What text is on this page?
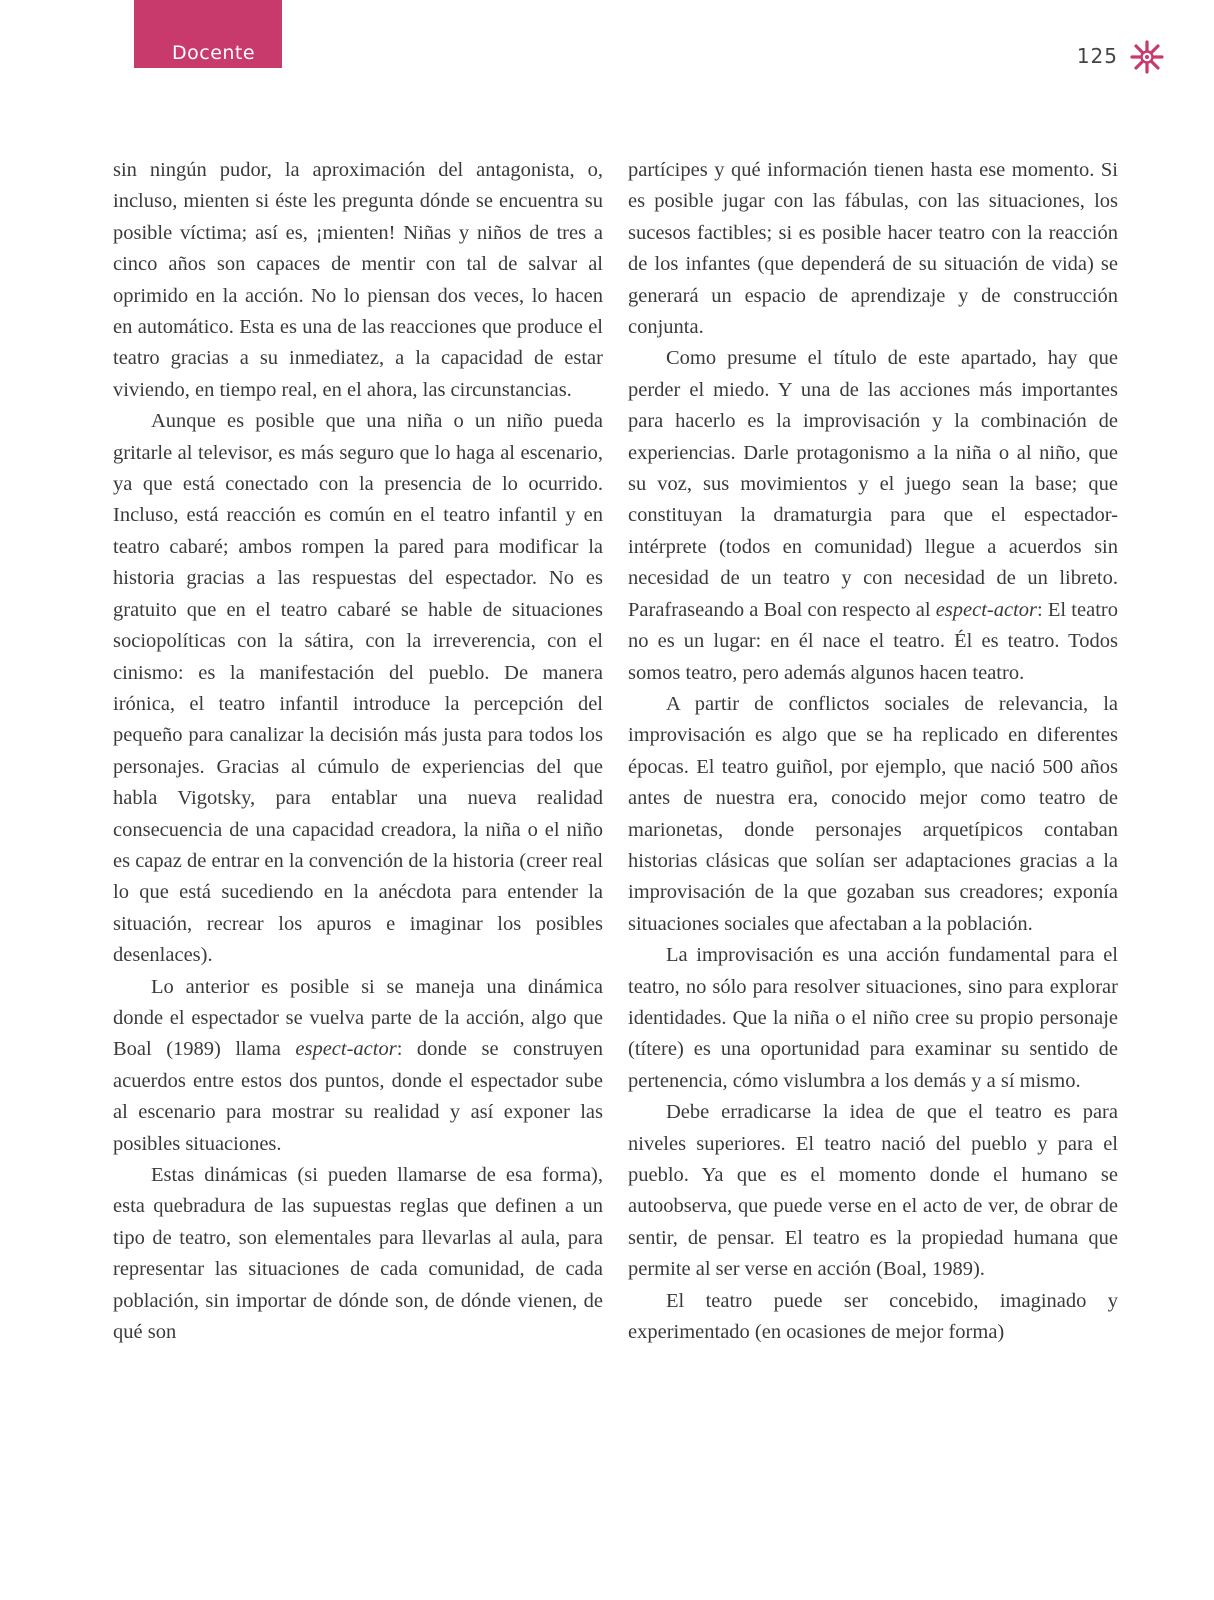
Docente	125

sin ningún pudor, la aproximación del antagonista, o, incluso, mienten si éste les pregunta dónde se encuentra su posible víctima; así es, ¡mienten! Niñas y niños de tres a cinco años son capaces de mentir con tal de salvar al oprimido en la acción. No lo piensan dos veces, lo hacen en automático. Esta es una de las reacciones que produce el teatro gracias a su inmediatez, a la capacidad de estar viviendo, en tiempo real, en el ahora, las circunstancias.

Aunque es posible que una niña o un niño pueda gritarle al televisor, es más seguro que lo haga al escenario, ya que está conectado con la presencia de lo ocurrido. Incluso, está reacción es común en el teatro infantil y en teatro cabaré; ambos rompen la pared para modificar la historia gracias a las respuestas del espectador. No es gratuito que en el teatro cabaré se hable de situaciones sociopolíticas con la sátira, con la irreverencia, con el cinismo: es la manifestación del pueblo. De manera irónica, el teatro infantil introduce la percepción del pequeño para canalizar la decisión más justa para todos los personajes. Gracias al cúmulo de experiencias del que habla Vigotsky, para entablar una nueva realidad consecuencia de una capacidad creadora, la niña o el niño es capaz de entrar en la convención de la historia (creer real lo que está sucediendo en la anécdota para entender la situación, recrear los apuros e imaginar los posibles desenlaces).

Lo anterior es posible si se maneja una dinámica donde el espectador se vuelva parte de la acción, algo que Boal (1989) llama espect-actor: donde se construyen acuerdos entre estos dos puntos, donde el espectador sube al escenario para mostrar su realidad y así exponer las posibles situaciones.

Estas dinámicas (si pueden llamarse de esa forma), esta quebradura de las supuestas reglas que definen a un tipo de teatro, son elementales para llevarlas al aula, para representar las situaciones de cada comunidad, de cada población, sin importar de dónde son, de dónde vienen, de qué son

partícipes y qué información tienen hasta ese momento. Si es posible jugar con las fábulas, con las situaciones, los sucesos factibles; si es posible hacer teatro con la reacción de los infantes (que dependerá de su situación de vida) se generará un espacio de aprendizaje y de construcción conjunta.

Como presume el título de este apartado, hay que perder el miedo. Y una de las acciones más importantes para hacerlo es la improvisación y la combinación de experiencias. Darle protagonismo a la niña o al niño, que su voz, sus movimientos y el juego sean la base; que constituyan la dramaturgia para que el espectador-intérprete (todos en comunidad) llegue a acuerdos sin necesidad de un teatro y con necesidad de un libreto. Parafraseando a Boal con respecto al espect-actor: El teatro no es un lugar: en él nace el teatro. Él es teatro. Todos somos teatro, pero además algunos hacen teatro.

A partir de conflictos sociales de relevancia, la improvisación es algo que se ha replicado en diferentes épocas. El teatro guiñol, por ejemplo, que nació 500 años antes de nuestra era, conocido mejor como teatro de marionetas, donde personajes arquetípicos contaban historias clásicas que solían ser adaptaciones gracias a la improvisación de la que gozaban sus creadores; exponía situaciones sociales que afectaban a la población.

La improvisación es una acción fundamental para el teatro, no sólo para resolver situaciones, sino para explorar identidades. Que la niña o el niño cree su propio personaje (títere) es una oportunidad para examinar su sentido de pertenencia, cómo vislumbra a los demás y a sí mismo.

Debe erradicarse la idea de que el teatro es para niveles superiores. El teatro nació del pueblo y para el pueblo. Ya que es el momento donde el humano se autoobserva, que puede verse en el acto de ver, de obrar de sentir, de pensar. El teatro es la propiedad humana que permite al ser verse en acción (Boal, 1989).

El teatro puede ser concebido, imaginado y experimentado (en ocasiones de mejor forma)
